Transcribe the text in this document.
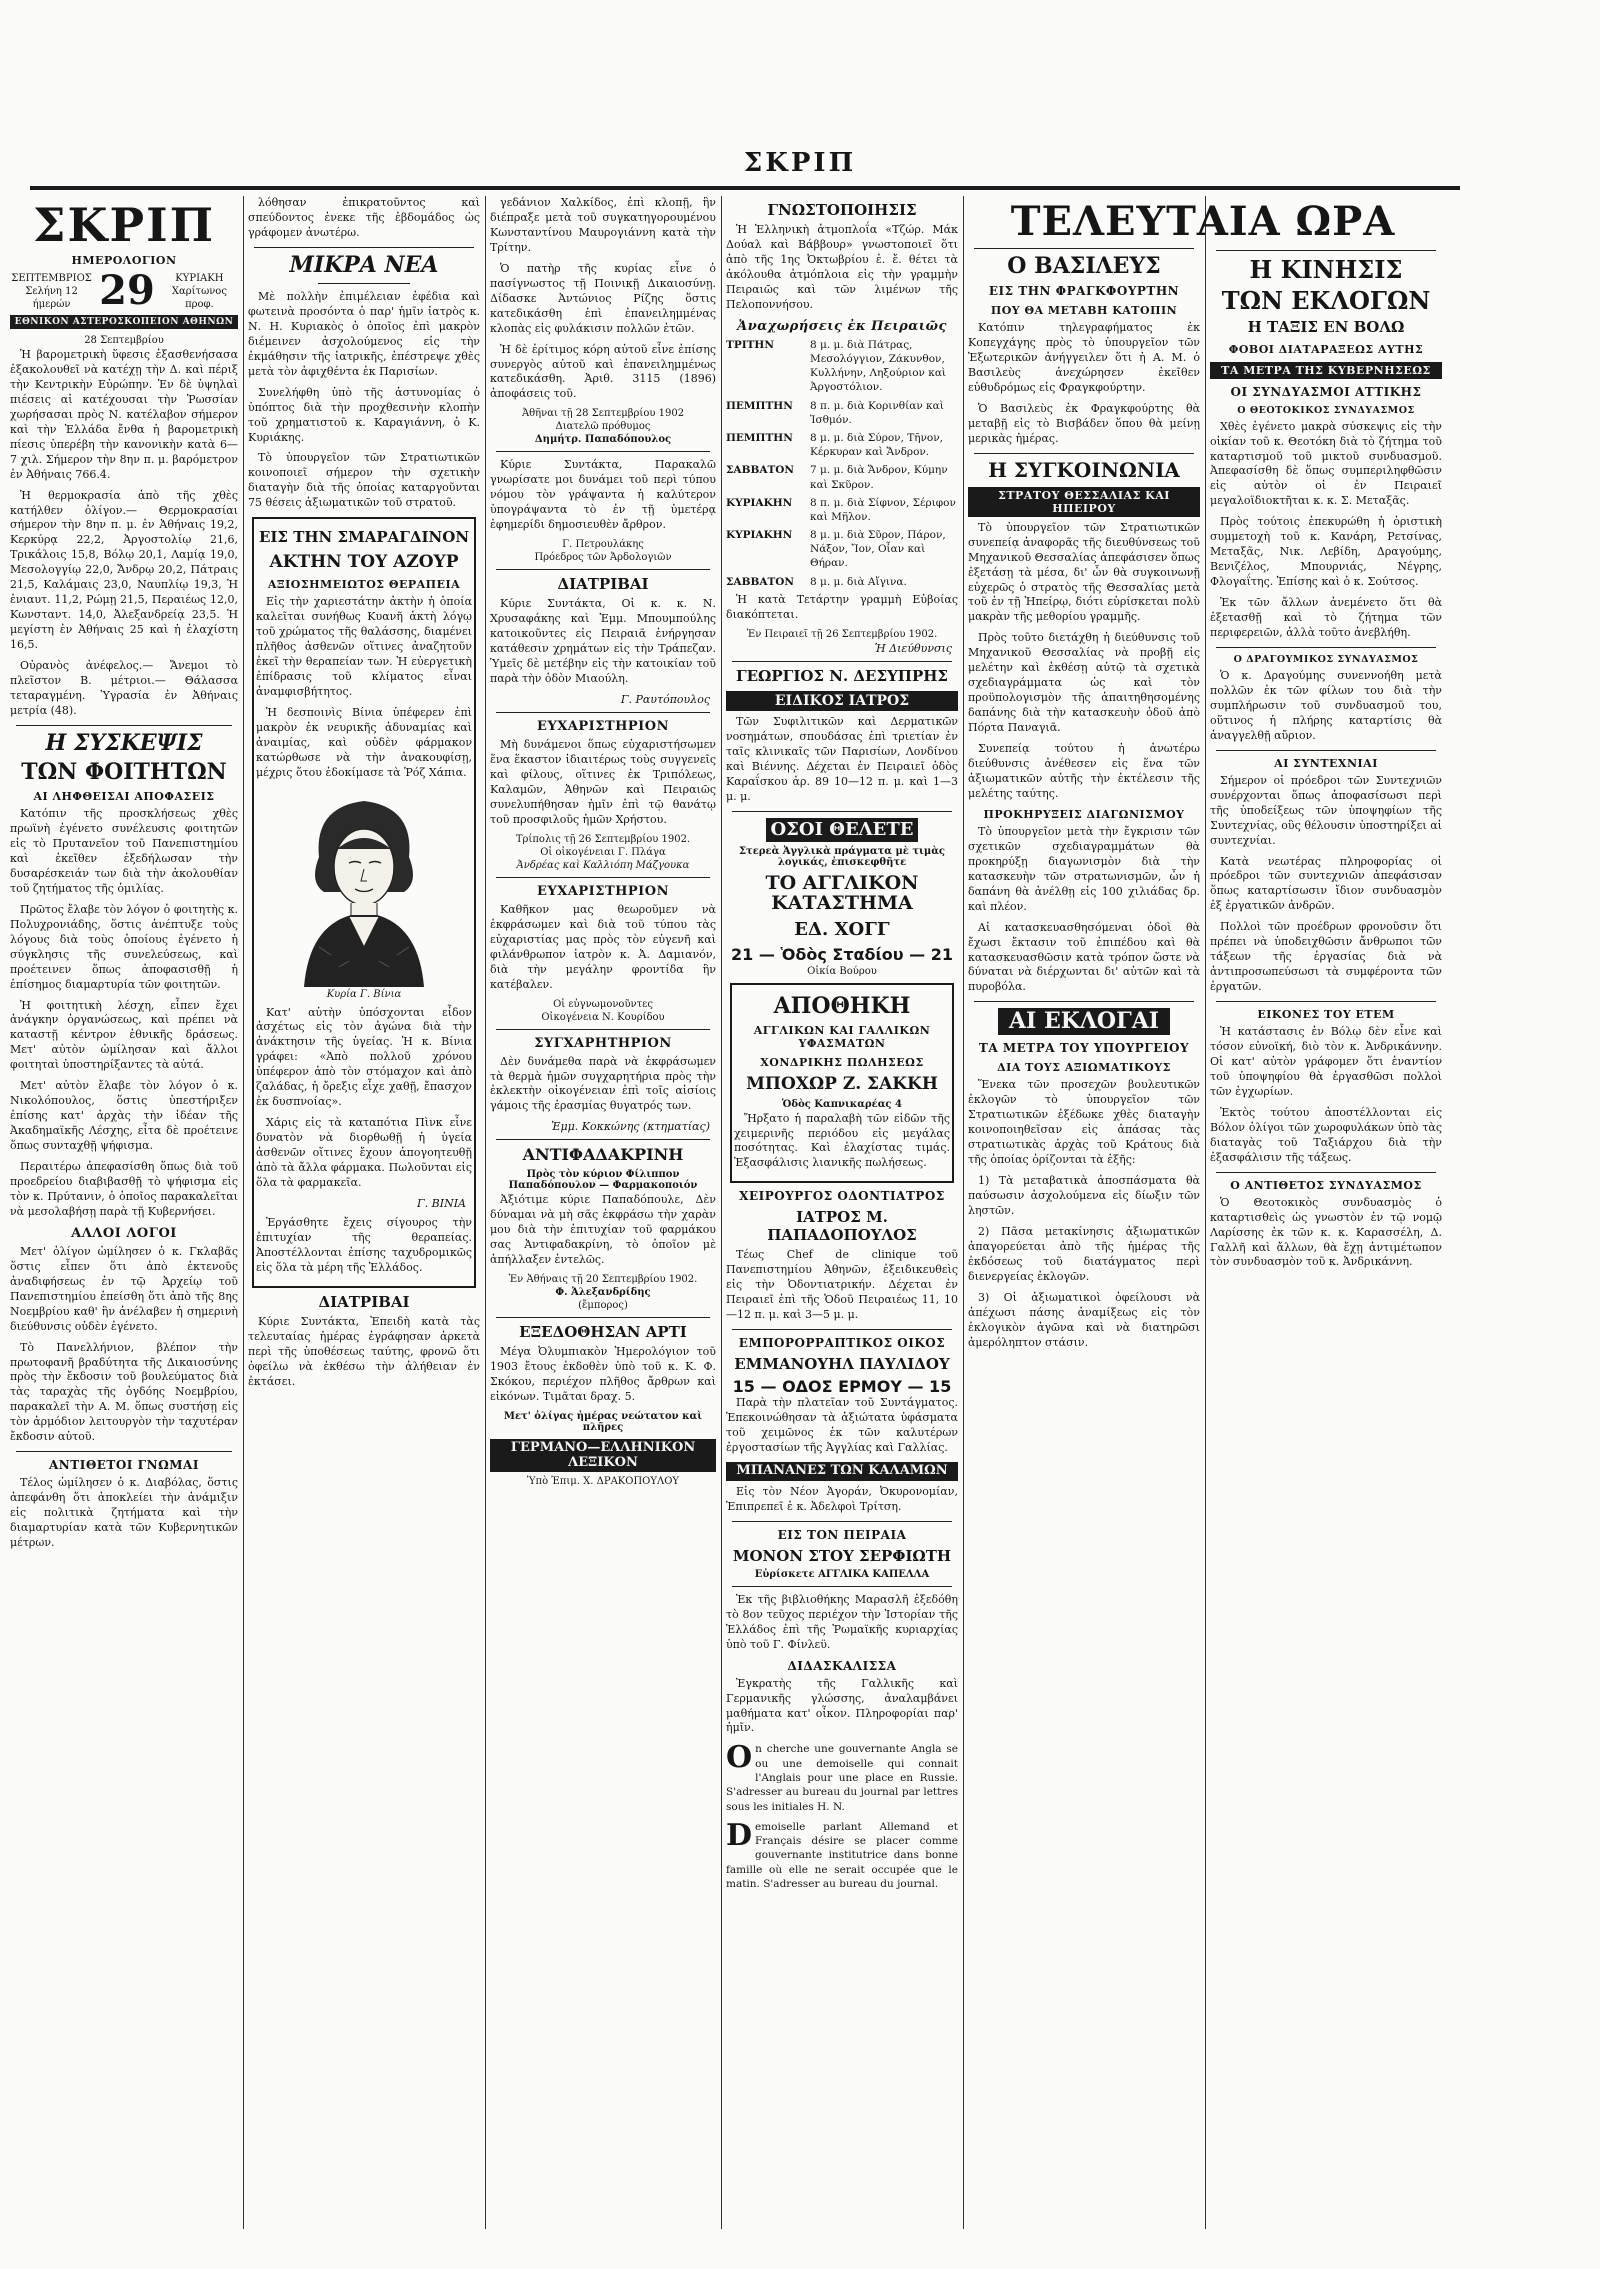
ΣΚΡΙΠ
ΣΚΡΙΠ
ΗΜΕΡΟΛΟΓΙΟΝ
ΣΕΠΤΕΜΒΡΙΟΣ
Σελήνη 12 ήμερών 29	ΚΥΡΙΑΚΗ
Χαρίτωνος προφ.
ΕΘΝΙΚΟΝ ΑΣΤΕΡΟΣΚΟΠΕΙΟΝ ΑΘΗΝΩΝ
28 Σεπτεμβρίου

Ἡ βαρομετρικὴ ὕφεσις ἐξασθενήσασα ἐξακολουθεῖ νὰ κατέχῃ τὴν Δ. καὶ πέριξ τὴν Κεντρικὴν Εὐρώπην. Ἐν δὲ ὑψηλαὶ πιέσεις αἱ κατέχουσαι τὴν Ῥωσσίαν χωρήσασαι πρὸς Ν. κατέλαβον σήμερον καὶ τὴν Ἑλλάδα ἔνθα ἡ βαρομετρικὴ πίεσις ὑπερέβη τὴν κανονικὴν κατὰ 6—7 χιλ. Σήμερον τὴν 8ην π. μ. βαρόμετρον ἐν Ἀθήναις 766.4.

Ἡ θερμοκρασία ἀπὸ τῆς χθὲς κατήλθεν ὀλίγον.— Θερμοκρασίαι σήμερον τὴν 8ην π. μ. ἐν Ἀθήναις 19,2, Κερκύρᾳ 22,2, Ἀργοστολίῳ 21,6, Τρικάλοις 15,8, Βόλῳ 20,1, Λαμίᾳ 19,0, Μεσολογγίῳ 22,0, Ἄνδρῳ 20,2, Πάτραις 21,5, Καλάμαις 23,0, Ναυπλίῳ 19,3, Ἡ ἐνιαυτ. 11,2, Ρώμῃ 21,5, Περαιέως 12,0, Κωνσταντ. 14,0, Ἀλεξανδρείᾳ 23,5. Ἡ μεγίστη ἐν Ἀθήναις 25 καὶ ἡ ἐλαχίστη 16,5.

Οὐρανὸς ἀνέφελος.— Ἄνεμοι τὸ πλεῖστον Β. μέτριοι.— Θάλασσα τεταραγμένη. Ὑγρασία ἐν Ἀθήναις μετρία (48).

Η ΣΥΣΚΕΨΙΣ
ΤΩΝ ΦΟΙΤΗΤΩΝ
ΑΙ ΛΗΦΘΕΙΣΑΙ ΑΠΟΦΑΣΕΙΣ

Κατόπιν τῆς προσκλήσεως χθὲς πρωϊνὴ ἐγένετο συνέλευσις φοιτητῶν εἰς τὸ Πρυτανεῖον τοῦ Πανεπιστημίου καὶ ἐκεῖθεν ἐξεδήλωσαν τὴν δυσαρέσκειάν των διὰ τὴν ἀκολουθίαν τοῦ ζητήματος τῆς ὁμιλίας.

Πρῶτος ἔλαβε τὸν λόγον ὁ φοιτητὴς κ. Πολυχρονιάδης, ὅστις ἀνέπτυξε τοὺς λόγους διὰ τοὺς ὁποίους ἐγένετο ἡ σύγκλησις τῆς συνελεύσεως, καὶ προέτεινεν ὅπως ἀποφασισθῇ ἡ ἐπίσημος διαμαρτυρία τῶν φοιτητῶν.

Ἡ φοιτητικὴ λέσχη, εἶπεν ἔχει ἀνάγκην ὀργανώσεως, καὶ πρέπει νὰ καταστῇ κέντρον ἐθνικῆς δράσεως. Μετ' αὐτὸν ὡμίλησαν καὶ ἄλλοι φοιτηταὶ ὑποστηρίξαντες τὰ αὐτά.

Μετ' αὐτὸν ἔλαβε τὸν λόγον ὁ κ. Νικολόπουλος, ὅστις ὑπεστήριξεν ἐπίσης κατ' ἀρχὰς τὴν ἰδέαν τῆς Ἀκαδημαϊκῆς Λέσχης, εἶτα δὲ προέτεινε ὅπως συνταχθῇ ψήφισμα.

Περαιτέρω ἀπεφασίσθη ὅπως διὰ τοῦ προεδρείου διαβιβασθῇ τὸ ψήφισμα εἰς τὸν κ. Πρύτανιν, ὁ ὁποῖος παρακαλεῖται νὰ μεσολαβήσῃ παρὰ τῇ Κυβερνήσει.

ΑΛΛΟΙ ΛΟΓΟΙ

Μετ' ὀλίγον ὡμίλησεν ὁ κ. Γκλαβᾶς ὅστις εἶπεν ὅτι ἀπὸ ἐκτενοῦς ἀναδιφήσεως ἐν τῷ Ἀρχείῳ τοῦ Πανεπιστημίου ἐπείσθη ὅτι ἀπὸ τῆς 8ης Νοεμβρίου καθ' ἣν ἀνέλαβεν ἡ σημερινὴ διεύθυνσις οὐδὲν ἐγένετο.

Τὸ Πανελλήνιον, βλέπον τὴν πρωτοφανῆ βραδύτητα τῆς Δικαιοσύνης πρὸς τὴν ἔκδοσιν τοῦ βουλεύματος διὰ τὰς ταραχὰς τῆς ὀγδόης Νοεμβρίου, παρακαλεῖ τὴν Α. Μ. ὅπως συστήσῃ εἰς τὸν ἁρμόδιον λειτουργὸν τὴν ταχυτέραν ἔκδοσιν αὐτοῦ.

ΑΝΤΙΘΕΤΟΙ ΓΝΩΜΑΙ

Τέλος ὡμίλησεν ὁ κ. Διαβόλας, ὅστις ἀπεφάνθη ὅτι ἀποκλείει τὴν ἀνάμιξιν εἰς πολιτικὰ ζητήματα καὶ τὴν διαμαρτυρίαν κατὰ τῶν Κυβερνητικῶν μέτρων.

λόθησαν ἐπικρατοῦντος καὶ σπεύδοντος ἐνεκε τῆς ἑβδομάδος ὡς γράφομεν ἀνωτέρω.

ΜΙΚΡΑ ΝΕΑ

Μὲ πολλὴν ἐπιμέλειαν ἐφέδια καὶ φωτεινὰ προσόντα ὁ παρ' ἡμῖν ἰατρὸς κ. Ν. Η. Κυριακὸς ὁ ὁποῖος ἐπὶ μακρὸν διέμεινεν ἀσχολούμενος εἰς τὴν ἐκμάθησιν τῆς ἰατρικῆς, ἐπέστρεψε χθὲς μετὰ τὸν ἀφιχθέντα ἐκ Παρισίων.

Συνελήφθη ὑπὸ τῆς ἀστυνομίας ὁ ὑπόπτος διὰ τὴν προχθεσινὴν κλοπὴν τοῦ χρηματιστοῦ κ. Καραγιάννη, ὁ Κ. Κυριάκης.

Τὸ ὑπουργεῖον τῶν Στρατιωτικῶν κοινοποιεῖ σήμερον τὴν σχετικὴν διαταγὴν διὰ τῆς ὁποίας καταργοῦνται 75 θέσεις ἀξιωματικῶν τοῦ στρατοῦ.

ΕΙΣ ΤΗΝ ΣΜΑΡΑΓΔΙΝΟΝ
ΑΚΤΗΝ ΤΟΥ ΑΖΟΥΡ
ΑΞΙΟΣΗΜΕΙΩΤΟΣ ΘΕΡΑΠΕΙΑ

Εἰς τὴν χαριεστάτην ἀκτὴν ἡ ὁποία καλεῖται συνήθως Κυανῆ ἀκτὴ λόγῳ τοῦ χρώματος τῆς θαλάσσης, διαμένει πλῆθος ἀσθενῶν οἵτινες ἀναζητοῦν ἐκεῖ τὴν θεραπείαν των. Ἡ εὐεργετικὴ ἐπίδρασις τοῦ κλίματος εἶναι ἀναμφισβήτητος.

Ἡ δεσποινὶς Βίνια ὑπέφερεν ἐπὶ μακρὸν ἐκ νευρικῆς ἀδυναμίας καὶ ἀναιμίας, καὶ οὐδὲν φάρμακον κατώρθωσε νὰ τὴν ἀνακουφίσῃ, μέχρις ὅτου ἐδοκίμασε τὰ Ῥόζ Χάπια.

Κυρία Γ. Βίνια

Κατ' αὐτὴν ὑπόσχονται εἶδον ἀσχέτως εἰς τὸν ἀγώνα διὰ τὴν ἀνάκτησιν τῆς ὑγείας. Ἡ κ. Βίνια γράφει: «Ἀπὸ πολλοῦ χρόνου ὑπέφερον ἀπὸ τὸν στόμαχον καὶ ἀπὸ ζαλάδας, ἡ ὄρεξις εἶχε χαθῇ, ἔπασχον ἐκ δυσπνοίας».

Χάρις εἰς τὰ καταπότια Πὶνκ εἶνε δυνατὸν νὰ διορθωθῇ ἡ ὑγεία ἀσθενῶν οἵτινες ἔχουν ἀπογοητευθῇ ἀπὸ τὰ ἄλλα φάρμακα. Πωλοῦνται εἰς ὅλα τὰ φαρμακεῖα.

Γ. ΒΙΝΙΑ

Ἐργάσθητε ἔχεις σίγουρος τὴν ἐπιτυχίαν τῆς θεραπείας. Ἀποστέλλονται ἐπίσης ταχυδρομικῶς εἰς ὅλα τὰ μέρη τῆς Ἑλλάδος.

ΔΙΑΤΡΙΒΑΙ

Κύριε Συντάκτα, Ἐπειδὴ κατὰ τὰς τελευταίας ἡμέρας ἐγράφησαν ἀρκετὰ περὶ τῆς ὑποθέσεως ταύτης, φρονῶ ὅτι ὀφείλω νὰ ἐκθέσω τὴν ἀλήθειαν ἐν ἐκτάσει.

γεδάνιον Χαλκίδος, ἐπὶ κλοπῇ, ἣν διέπραξε μετὰ τοῦ συγκατηγορουμένου Κωνσταντίνου Μαυρογιάννη κατὰ τὴν Τρίτην.

Ὁ πατὴρ τῆς κυρίας εἶνε ὁ πασίγνωστος τῇ Ποινικῇ Δικαιοσύνῃ. Δίδασκε Ἀντώνιος Ρίζης ὅστις κατεδικάσθη ἐπὶ ἐπανειλημμένας κλοπὰς εἰς φυλάκισιν πολλῶν ἐτῶν.

Ἡ δὲ ἐρίτιμος κόρη αὐτοῦ εἶνε ἐπίσης συνεργὸς αὐτοῦ καὶ ἐπανειλημμένως κατεδικάσθη. Ἀριθ. 3115 (1896) ἀποφάσεις τοῦ.

Ἀθῆναι τῇ 28 Σεπτεμβρίου 1902
Διατελῶ πρόθυμος
Δημήτρ. Παπαδόπουλος

Κύριε Συντάκτα, Παρακαλῶ γνωρίσατε μοι δυνάμει τοῦ περὶ τύπου νόμου τὸν γράψαντα ἡ καλύτερον ὑπογράψαντα τὸ ἐν τῇ ὑμετέρᾳ ἐφημερίδι δημοσιευθὲν ἄρθρον.

Γ. Πετρουλάκης
Πρόεδρος τῶν Ἀρδολογιῶν
ΔΙΑΤΡΙΒΑΙ

Κύριε Συντάκτα, Οἱ κ. κ. Ν. Χρυσαφάκης καὶ Ἐμμ. Μπουμπούλης κατοικοῦντες εἰς Πειραιᾶ ἐνήργησαν κατάθεσιν χρημάτων εἰς τὴν Τράπεζαν. Ὑμεῖς δὲ μετέβην εἰς τὴν κατοικίαν τοῦ παρὰ τὴν ὁδὸν Μιαούλη.

Γ. Ραυτόπουλος
ΕΥΧΑΡΙΣΤΗΡΙΟΝ

Μὴ δυνάμενοι ὅπως εὐχαριστήσωμεν ἕνα ἕκαστον ἰδιαιτέρως τοὺς συγγενεῖς καὶ φίλους, οἵτινες ἐκ Τριπόλεως, Καλαμῶν, Ἀθηνῶν καὶ Πειραιῶς συνελυπήθησαν ἡμῖν ἐπὶ τῷ θανάτῳ τοῦ προσφιλοῦς ἡμῶν Χρήστου.

Τρίπολις τῇ 26 Σεπτεμβρίου 1902.
Οἱ οἰκογένειαι Γ. Πλάγα
Ἀνδρέας καὶ Καλλιόπη Μάζγουκα
ΕΥΧΑΡΙΣΤΗΡΙΟΝ

Καθῆκον μας θεωροῦμεν νὰ ἐκφράσωμεν καὶ διὰ τοῦ τύπου τὰς εὐχαριστίας μας πρὸς τὸν εὐγενῆ καὶ φιλάνθρωπον ἰατρὸν κ. Ἀ. Δαμιανόν, διὰ τὴν μεγάλην φροντίδα ἣν κατέβαλεν.

Οἱ εὐγνωμονοῦντες
Οἰκογένεια Ν. Κουρίδου
ΣΥΓΧΑΡΗΤΗΡΙΟΝ

Δὲν δυνάμεθα παρὰ νὰ ἐκφράσωμεν τὰ θερμὰ ἡμῶν συγχαρητήρια πρὸς τὴν ἐκλεκτὴν οἰκογένειαν ἐπὶ τοῖς αἰσίοις γάμοις τῆς ἐρασμίας θυγατρός των.

Ἐμμ. Κοκκώνης (κτηματίας)
ΑΝΤΙΦΑΔΑΚΡΙΝΗ
Πρὸς τὸν κύριον Φίλιππον Παπαδόπουλον — Φαρμακοποιόν

Ἀξιότιμε κύριε Παπαδόπουλε, Δὲν δύναμαι νὰ μὴ σᾶς ἐκφράσω τὴν χαρὰν μου διὰ τὴν ἐπιτυχίαν τοῦ φαρμάκου σας Ἀντιφαδακρίνη, τὸ ὁποῖον μὲ ἀπήλλαξεν ἐντελῶς.

Ἐν Ἀθήναις τῇ 20 Σεπτεμβρίου 1902.
Φ. Ἀλεξανδρίδης
(ἔμπορος)
ΕΞΕΔΟΘΗΣΑΝ ΑΡΤΙ

Μέγα Ὀλυμπιακὸν Ἡμερολόγιον τοῦ 1903 ἔτους ἐκδοθὲν ὑπὸ τοῦ κ. Κ. Φ. Σκόκου, περιέχον πλῆθος ἄρθρων καὶ εἰκόνων. Τιμᾶται δραχ. 5.

Μετ' ὀλίγας ἡμέρας νεώτατον καὶ πλῆρες
ΓΕΡΜΑΝΟ—ΕΛΛΗΝΙΚΟΝ ΛΕΞΙΚΟΝ
Ὑπὸ Ἐπιμ. Χ. ΔΡΑΚΟΠΟΥΛΟΥ
ΓΝΩΣΤΟΠΟΙΗΣΙΣ

Ἡ Ἑλληνικὴ ἀτμοπλοΐα «Τζώρ. Μάκ Δούαλ καὶ Βάββουρ» γνωστοποιεῖ ὅτι ἀπὸ τῆς 1ης Ὀκτωβρίου ἐ. ἔ. θέτει τὰ ἀκόλουθα ἀτμόπλοια εἰς τὴν γραμμὴν Πειραιῶς καὶ τῶν λιμένων τῆς Πελοποννήσου.

Ἀναχωρήσεις ἐκ Πειραιῶς
ΤΡΙΤΗΝ	8 μ. μ. διὰ Πάτρας, Μεσολόγγιον, Ζάκυνθον, Κυλλήνην, Ληξούριον καὶ Ἀργοστόλιον.
ΠΕΜΠΤΗΝ	8 π. μ. διὰ Κορινθίαν καὶ Ἰσθμόν.
ΠΕΜΠΤΗΝ	8 μ. μ. διὰ Σύρον, Τῆνον, Κέρκυραν καὶ Ἄνδρον.
ΣΑΒΒΑΤΟΝ	7 μ. μ. διὰ Ἄνδρον, Κύμην καὶ Σκῦρον.
ΚΥΡΙΑΚΗΝ	8 π. μ. διὰ Σίφνον, Σέριφον καὶ Μῆλον.
ΚΥΡΙΑΚΗΝ	8 μ. μ. διὰ Σῦρον, Πάρον, Νάξον, Ἴον, Οἶαν καὶ Θήραν.
ΣΑΒΒΑΤΟΝ	8 μ. μ. διὰ Αἴγινα.

Ἡ κατὰ Τετάρτην γραμμὴ Εὐβοίας διακόπτεται.

Ἐν Πειραιεῖ τῇ 26 Σεπτεμβρίου 1902.
Ἡ Διεύθυνσις
ΓΕΩΡΓΙΟΣ Ν. ΔΕΣΥΠΡΗΣ
ΕΙΔΙΚΟΣ ΙΑΤΡΟΣ

Τῶν Συφιλιτικῶν καὶ Δερματικῶν νοσημάτων, σπουδάσας ἐπὶ τριετίαν ἐν ταῖς κλινικαῖς τῶν Παρισίων, Λονδίνου καὶ Βιέννης. Δέχεται ἐν Πειραιεῖ ὁδὸς Καραΐσκου ἀρ. 89 10—12 π. μ. καὶ 1—3 μ. μ.

ΟΣΟΙ ΘΕΛΕΤΕ
Στερεὰ Ἀγγλικὰ πράγματα μὲ τιμὰς λογικάς, ἐπισκεφθῆτε
ΤΟ ΑΓΓΛΙΚΟΝ ΚΑΤΑΣΤΗΜΑ
ΕΔ. ΧΟΓΓ
21 — Ὁδὸς Σταδίου — 21
Οἰκία Βούρου
ΑΠΟΘΗΚΗ
ΑΓΓΛΙΚΩΝ ΚΑΙ ΓΑΛΛΙΚΩΝ ΥΦΑΣΜΑΤΩΝ
ΧΟΝΔΡΙΚΗΣ ΠΩΛΗΣΕΩΣ
ΜΠΟΧΩΡ Ζ. ΣΑΚΚΗ
Ὁδὸς Καπνικαρέας 4

Ἤρξατο ἡ παραλαβὴ τῶν εἰδῶν τῆς χειμερινῆς περιόδου εἰς μεγάλας ποσότητας. Καὶ ἐλαχίστας τιμάς. Ἐξασφάλισις λιανικῆς πωλήσεως.

ΧΕΙΡΟΥΡΓΟΣ ΟΔΟΝΤΙΑΤΡΟΣ
ΙΑΤΡΟΣ Μ. ΠΑΠΑΔΟΠΟΥΛΟΣ

Τέως Chef de clinique τοῦ Πανεπιστημίου Ἀθηνῶν, ἐξειδικευθεὶς εἰς τὴν Ὀδοντιατρικήν. Δέχεται ἐν Πειραιεῖ ἐπὶ τῆς Ὁδοῦ Πειραιέως 11, 10—12 π. μ. καὶ 3—5 μ. μ.

ΕΜΠΟΡΟΡΡΑΠΤΙΚΟΣ ΟΙΚΟΣ
ΕΜΜΑΝΟΥΗΛ ΠΑΥΛΙΔΟΥ
15 — ΟΔΟΣ ΕΡΜΟΥ — 15

Παρὰ τὴν πλατεῖαν τοῦ Συντάγματος. Ἐπεκοινώθησαν τὰ ἀξιώτατα ὑφάσματα τοῦ χειμῶνος ἐκ τῶν καλυτέρων ἐργοστασίων τῆς Ἀγγλίας καὶ Γαλλίας.

ΜΠΑΝΑΝΕΣ ΤΩΝ ΚΑΛΑΜΩΝ

Εἰς τὸν Νέον Ἀγοράν, Ὀκυρονομίαν, Ἐπιπρεπεῖ ἐ κ. Ἀδελφοὶ Τρίτση.

ΕΙΣ ΤΟΝ ΠΕΙΡΑΙΑ
ΜΟΝΟΝ ΣΤΟΥ ΣΕΡΦΙΩΤΗ
Εὑρίσκετε ΑΓΓΛΙΚΑ ΚΑΠΕΛΛΑ

Ἐκ τῆς βιβλιοθήκης Μαρασλῆ ἐξεδόθη τὸ 8ον τεῦχος περιέχον τὴν Ἱστορίαν τῆς Ἑλλάδος ἐπὶ τῆς Ῥωμαϊκῆς κυριαρχίας ὑπὸ τοῦ Γ. Φίνλεϋ.

ΔΙΔΑΣΚΑΛΙΣΣΑ

Ἐγκρατὴς τῆς Γαλλικῆς καὶ Γερμανικῆς γλώσσης, ἀναλαμβάνει μαθήματα κατ' οἶκον. Πληροφορίαι παρ' ἡμῖν.

On cherche une gouvernante Angla se ou une demoiselle qui connait l'Anglais pour une place en Russie. S'adresser au bureau du journal par lettres sous les initiales H. N.

Demoiselle parlant Allemand et Français désire se placer comme gouvernante institutrice dans bonne famille où elle ne serait occupée que le matin. S'adresser au bureau du journal.

ΤΕΛΕΥΤΑΙΑ ΩΡΑ
Ο ΒΑΣΙΛΕΥΣ
ΕΙΣ ΤΗΝ ΦΡΑΓΚΦΟΥΡΤΗΝ
ΠΟΥ ΘΑ ΜΕΤΑΒΗ ΚΑΤΟΠΙΝ

Κατόπιν τηλεγραφήματος ἐκ Κοπεγχάγης πρὸς τὸ ὑπουργεῖον τῶν Ἐξωτερικῶν ἀνήγγειλεν ὅτι ἡ Α. Μ. ὁ Βασιλεὺς ἀνεχώρησεν ἐκεῖθεν εὐθυδρόμως εἰς Φραγκφούρτην.

Ὁ Βασιλεὺς ἐκ Φραγκφούρτης θὰ μεταβῇ εἰς τὸ Βισβάδεν ὅπου θὰ μείνῃ μερικὰς ἡμέρας.

Η ΣΥΓΚΟΙΝΩΝΙΑ
ΣΤΡΑΤΟΥ ΘΕΣΣΑΛΙΑΣ ΚΑΙ ΗΠΕΙΡΟΥ

Τὸ ὑπουργεῖον τῶν Στρατιωτικῶν συνεπείᾳ ἀναφορᾶς τῆς διευθύνσεως τοῦ Μηχανικοῦ Θεσσαλίας ἀπεφάσισεν ὅπως ἐξετάσῃ τὰ μέσα, δι' ὧν θὰ συγκοινωνῇ εὐχερῶς ὁ στρατὸς τῆς Θεσσαλίας μετὰ τοῦ ἐν τῇ Ἠπείρῳ, διότι εὑρίσκεται πολὺ μακρὰν τῆς μεθορίου γραμμῆς.

Πρὸς τοῦτο διετάχθη ἡ διεύθυνσις τοῦ Μηχανικοῦ Θεσσαλίας νὰ προβῇ εἰς μελέτην καὶ ἐκθέσῃ αὐτῷ τὰ σχετικὰ σχεδιαγράμματα ὡς καὶ τὸν προϋπολογισμὸν τῆς ἀπαιτηθησομένης δαπάνης διὰ τὴν κατασκευὴν ὁδοῦ ἀπὸ Πόρτα Παναγιᾶ.

Συνεπείᾳ τούτου ἡ ἀνωτέρω διεύθυνσις ἀνέθεσεν εἰς ἕνα τῶν ἀξιωματικῶν αὐτῆς τὴν ἐκτέλεσιν τῆς μελέτης ταύτης.

ΠΡΟΚΗΡΥΞΕΙΣ ΔΙΑΓΩΝΙΣΜΟΥ

Τὸ ὑπουργεῖον μετὰ τὴν ἔγκρισιν τῶν σχετικῶν σχεδιαγραμμάτων θὰ προκηρύξῃ διαγωνισμὸν διὰ τὴν κατασκευὴν τῶν στρατωνισμῶν, ὧν ἡ δαπάνη θὰ ἀνέλθῃ εἰς 100 χιλιάδας δρ. καὶ πλέον.

Αἱ κατασκευασθησόμεναι ὁδοὶ θὰ ἔχωσι ἔκτασιν τοῦ ἐπιπέδου καὶ θὰ κατασκευασθῶσιν κατὰ τρόπον ὥστε νὰ δύναται νὰ διέρχωνται δι' αὐτῶν καὶ τὰ πυροβόλα.

ΑΙ ΕΚΛΟΓΑΙ
ΤΑ ΜΕΤΡΑ ΤΟΥ ΥΠΟΥΡΓΕΙΟΥ
ΔΙΑ ΤΟΥΣ ΑΞΙΩΜΑΤΙΚΟΥΣ

Ἕνεκα τῶν προσεχῶν βουλευτικῶν ἐκλογῶν τὸ ὑπουργεῖον τῶν Στρατιωτικῶν ἐξέδωκε χθὲς διαταγὴν κοινοποιηθεῖσαν εἰς ἁπάσας τὰς στρατιωτικὰς ἀρχὰς τοῦ Κράτους διὰ τῆς ὁποίας ὁρίζονται τὰ ἑξῆς:

1) Τὰ μεταβατικὰ ἀποσπάσματα θὰ παύσωσιν ἀσχολούμενα εἰς δίωξιν τῶν ληστῶν.

2) Πᾶσα μετακίνησις ἀξιωματικῶν ἀπαγορεύεται ἀπὸ τῆς ἡμέρας τῆς ἐκδόσεως τοῦ διατάγματος περὶ διενεργείας ἐκλογῶν.

3) Οἱ ἀξιωματικοὶ ὀφείλουσι νὰ ἀπέχωσι πάσης ἀναμίξεως εἰς τὸν ἐκλογικὸν ἀγῶνα καὶ νὰ διατηρῶσι ἀμερόληπτον στάσιν.

Η ΚΙΝΗΣΙΣ
ΤΩΝ ΕΚΛΟΓΩΝ
Η ΤΑΞΙΣ ΕΝ ΒΟΛΩ
ΦΟΒΟΙ ΔΙΑΤΑΡΑΞΕΩΣ ΑΥΤΗΣ
ΤΑ ΜΕΤΡΑ ΤΗΣ ΚΥΒΕΡΝΗΣΕΩΣ
ΟΙ ΣΥΝΔΥΑΣΜΟΙ ΑΤΤΙΚΗΣ
Ο ΘΕΟΤΟΚΙΚΟΣ ΣΥΝΔΥΑΣΜΟΣ

Χθὲς ἐγένετο μακρὰ σύσκεψις εἰς τὴν οἰκίαν τοῦ κ. Θεοτόκη διὰ τὸ ζήτημα τοῦ καταρτισμοῦ τοῦ μικτοῦ συνδυασμοῦ. Ἀπεφασίσθη δὲ ὅπως συμπεριληφθῶσιν εἰς αὐτὸν οἱ ἐν Πειραιεῖ μεγαλοϊδιοκτῆται κ. κ. Σ. Μεταξᾶς.

Πρὸς τούτοις ἐπεκυρώθη ἡ ὁριστικὴ συμμετοχὴ τοῦ κ. Κανάρη, Ρετσίνας, Μεταξᾶς, Νικ. Λεβίδη, Δραγούμης, Βενιζέλος, Μπουρνιάς, Νέγρης, Φλογαΐτης. Ἐπίσης καὶ ὁ κ. Σούτσος.

Ἐκ τῶν ἄλλων ἀνεμένετο ὅτι θὰ ἐξετασθῇ καὶ τὸ ζήτημα τῶν περιφερειῶν, ἀλλὰ τοῦτο ἀνεβλήθη.

Ο ΔΡΑΓΟΥΜΙΚΟΣ ΣΥΝΔΥΑΣΜΟΣ

Ὁ κ. Δραγούμης συνεννοήθη μετὰ πολλῶν ἐκ τῶν φίλων του διὰ τὴν συμπλήρωσιν τοῦ συνδυασμοῦ του, οὕτινος ἡ πλήρης καταρτίσις θὰ ἀναγγελθῇ αὔριον.

ΑΙ ΣΥΝΤΕΧΝΙΑΙ

Σήμερον οἱ πρόεδροι τῶν Συντεχνιῶν συνέρχονται ὅπως ἀποφασίσωσι περὶ τῆς ὑποδείξεως τῶν ὑποψηφίων τῆς Συντεχνίας, οὓς θέλουσιν ὑποστηρίξει αἱ συντεχνίαι.

Κατὰ νεωτέρας πληροφορίας οἱ πρόεδροι τῶν συντεχνιῶν ἀπεφάσισαν ὅπως καταρτίσωσιν ἴδιον συνδυασμὸν ἐξ ἐργατικῶν ἀνδρῶν.

Πολλοὶ τῶν προέδρων φρονοῦσιν ὅτι πρέπει νὰ ὑποδειχθῶσιν ἄνθρωποι τῶν τάξεων τῆς ἐργασίας διὰ νὰ ἀντιπροσωπεύσωσι τὰ συμφέροντα τῶν ἐργατῶν.

ΕΙΚΟΝΕΣ ΤΟΥ ΕΤΕΜ

Ἡ κατάστασις ἐν Βόλῳ δὲν εἶνε καὶ τόσον εὐνοϊκή, διὸ τὸν κ. Ἀνδρικάννην. Οἱ κατ' αὐτὸν γράφομεν ὅτι ἐναντίον τοῦ ὑποψηφίου θὰ ἐργασθῶσι πολλοὶ τῶν ἐγχωρίων.

Ἐκτὸς τούτου ἀποστέλλονται εἰς Βόλον ὀλίγοι τῶν χωροφυλάκων ὑπὸ τὰς διαταγὰς τοῦ Ταξιάρχου διὰ τὴν ἐξασφάλισιν τῆς τάξεως.

Ο ΑΝΤΙΘΕΤΟΣ ΣΥΝΔΥΑΣΜΟΣ

Ὁ Θεοτοκικὸς συνδυασμὸς ὁ καταρτισθεὶς ὡς γνωστὸν ἐν τῷ νομῷ Λαρίσσης ἐκ τῶν κ. κ. Καρασσέλη, Δ. Γαλλῆ καὶ ἄλλων, θὰ ἔχῃ ἀντιμέτωπον τὸν συνδυασμὸν τοῦ κ. Ἀνδρικάννη.
